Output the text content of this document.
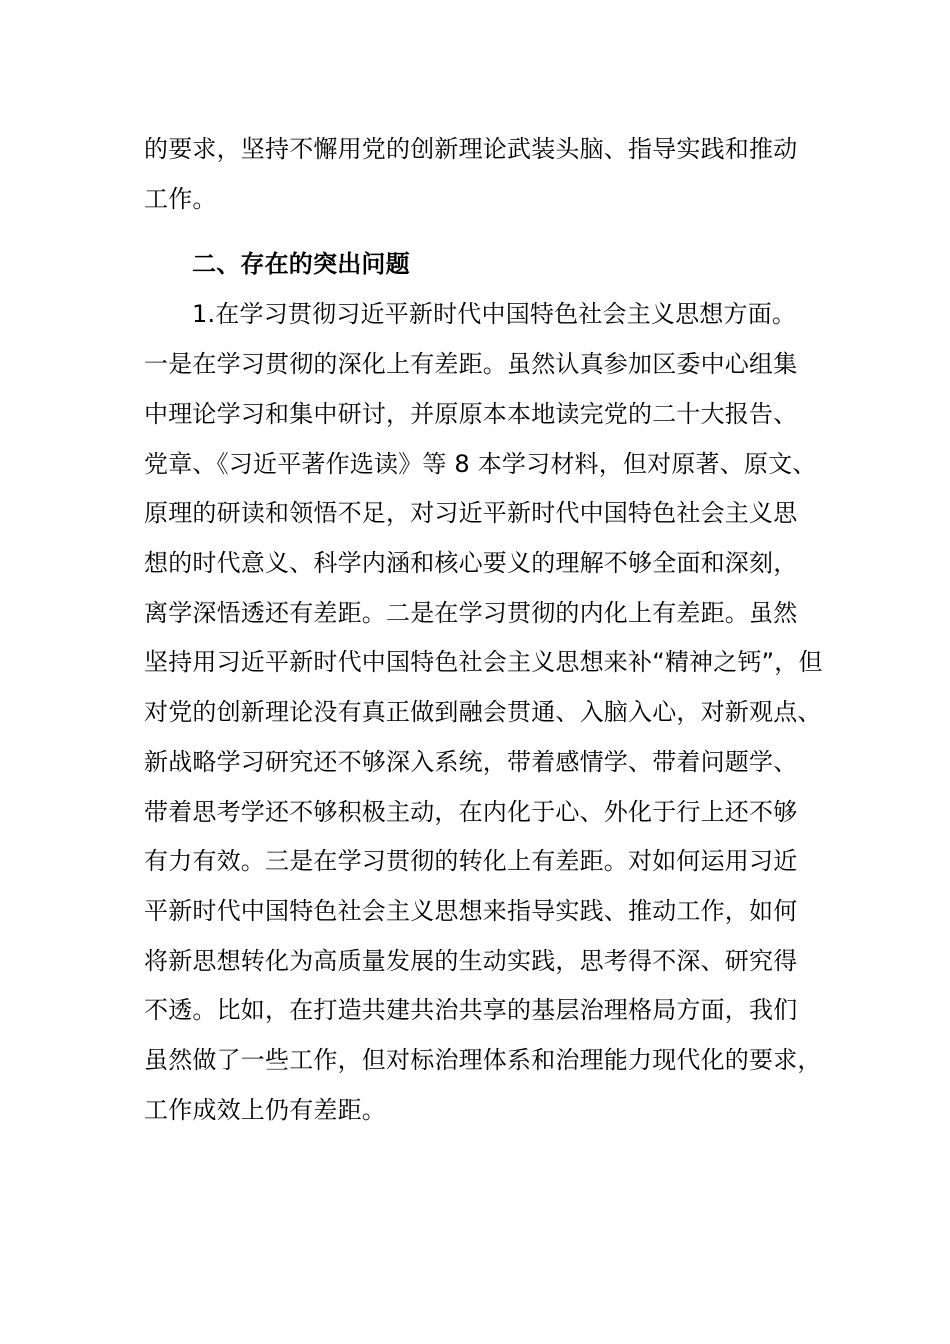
的要求，坚持不懈用党的创新理论武装头脑、指导实践和推动
工作。
二、存在的突出问题
1.在学习贯彻习近平新时代中国特色社会主义思想方面。
一是在学习贯彻的深化上有差距。虽然认真参加区委中心组集
中理论学习和集中研讨，并原原本本地读完党的二十大报告、
党章、《习近平著作选读》等 8 本学习材料，但对原著、原文、
原理的研读和领悟不足，对习近平新时代中国特色社会主义思
想的时代意义、科学内涵和核心要义的理解不够全面和深刻，
离学深悟透还有差距。二是在学习贯彻的内化上有差距。虽然
坚持用习近平新时代中国特色社会主义思想来补“精神之钙”，但
对党的创新理论没有真正做到融会贯通、入脑入心，对新观点、
新战略学习研究还不够深入系统，带着感情学、带着问题学、
带着思考学还不够积极主动，在内化于心、外化于行上还不够
有力有效。三是在学习贯彻的转化上有差距。对如何运用习近
平新时代中国特色社会主义思想来指导实践、推动工作，如何
将新思想转化为高质量发展的生动实践，思考得不深、研究得
不透。比如，在打造共建共治共享的基层治理格局方面，我们
虽然做了一些工作，但对标治理体系和治理能力现代化的要求，
工作成效上仍有差距。
